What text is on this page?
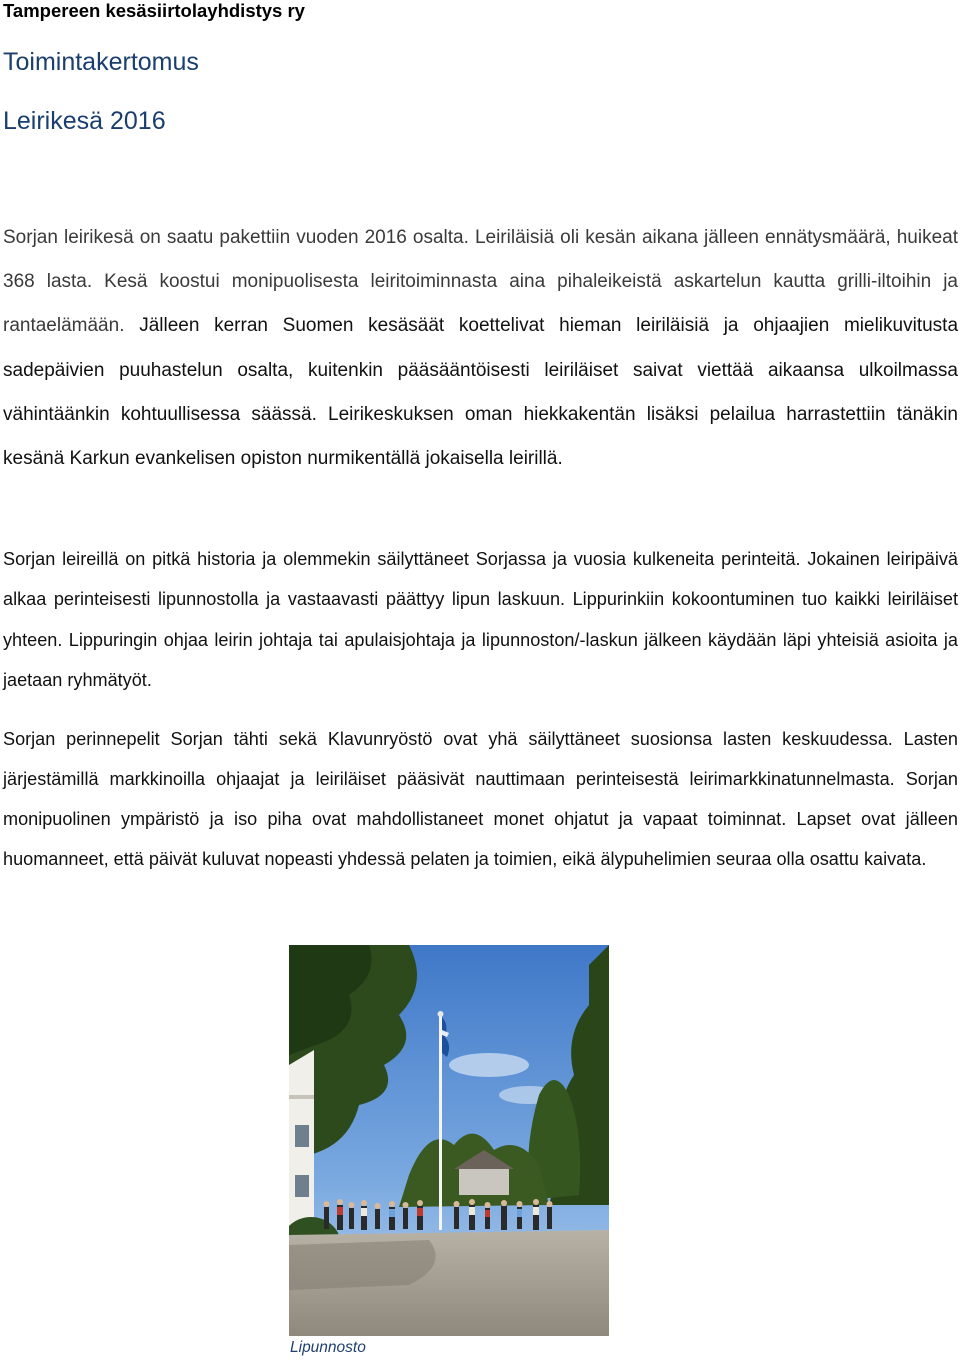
Tampereen kesäsiirtolayhdistys ry
Toimintakertomus
Leirikesä 2016

Sorjan leirikesä on saatu pakettiin vuoden 2016 osalta. Leiriläisiä oli kesän aikana jälleen ennätysmäärä, huikeat 368 lasta. Kesä koostui monipuolisesta leiritoiminnasta aina pihaleikeistä askartelun kautta grilli-iltoihin ja rantaelämään. Jälleen kerran Suomen kesäsäät koettelivat hieman leiriläisiä ja ohjaajien mielikuvitusta sadepäivien puuhastelun osalta, kuitenkin pääsääntöisesti leiriläiset saivat viettää aikaansa ulkoilmassa vähintäänkin kohtuullisessa säässä. Leirikeskuksen oman hiekkakentän lisäksi pelailua harrastettiin tänäkin kesänä Karkun evankelisen opiston nurmikentällä jokaisella leirillä.

Sorjan leireillä on pitkä historia ja olemmekin säilyttäneet Sorjassa ja vuosia kulkeneita perinteitä. Jokainen leiripäivä alkaa perinteisesti lipunnostolla ja vastaavasti päättyy lipun laskuun. Lippurinkiin kokoontuminen tuo kaikki leiriläiset yhteen. Lippuringin ohjaa leirin johtaja tai apulaisjohtaja ja lipunnoston/-laskun jälkeen käydään läpi yhteisiä asioita ja jaetaan ryhmätyöt.

Sorjan perinnepelit Sorjan tähti sekä Klavunryöstö ovat yhä säilyttäneet suosionsa lasten keskuudessa. Lasten järjestämillä markkinoilla ohjaajat ja leiriläiset pääsivät nauttimaan perinteisestä leirimarkkinatunnelmasta. Sorjan monipuolinen ympäristö ja iso piha ovat mahdollistaneet monet ohjatut ja vapaat toiminnat. Lapset ovat jälleen huomanneet, että päivät kuluvat nopeasti yhdessä pelaten ja toimien, eikä älypuhelimien seuraa olla osattu kaivata.

Lipunnosto
